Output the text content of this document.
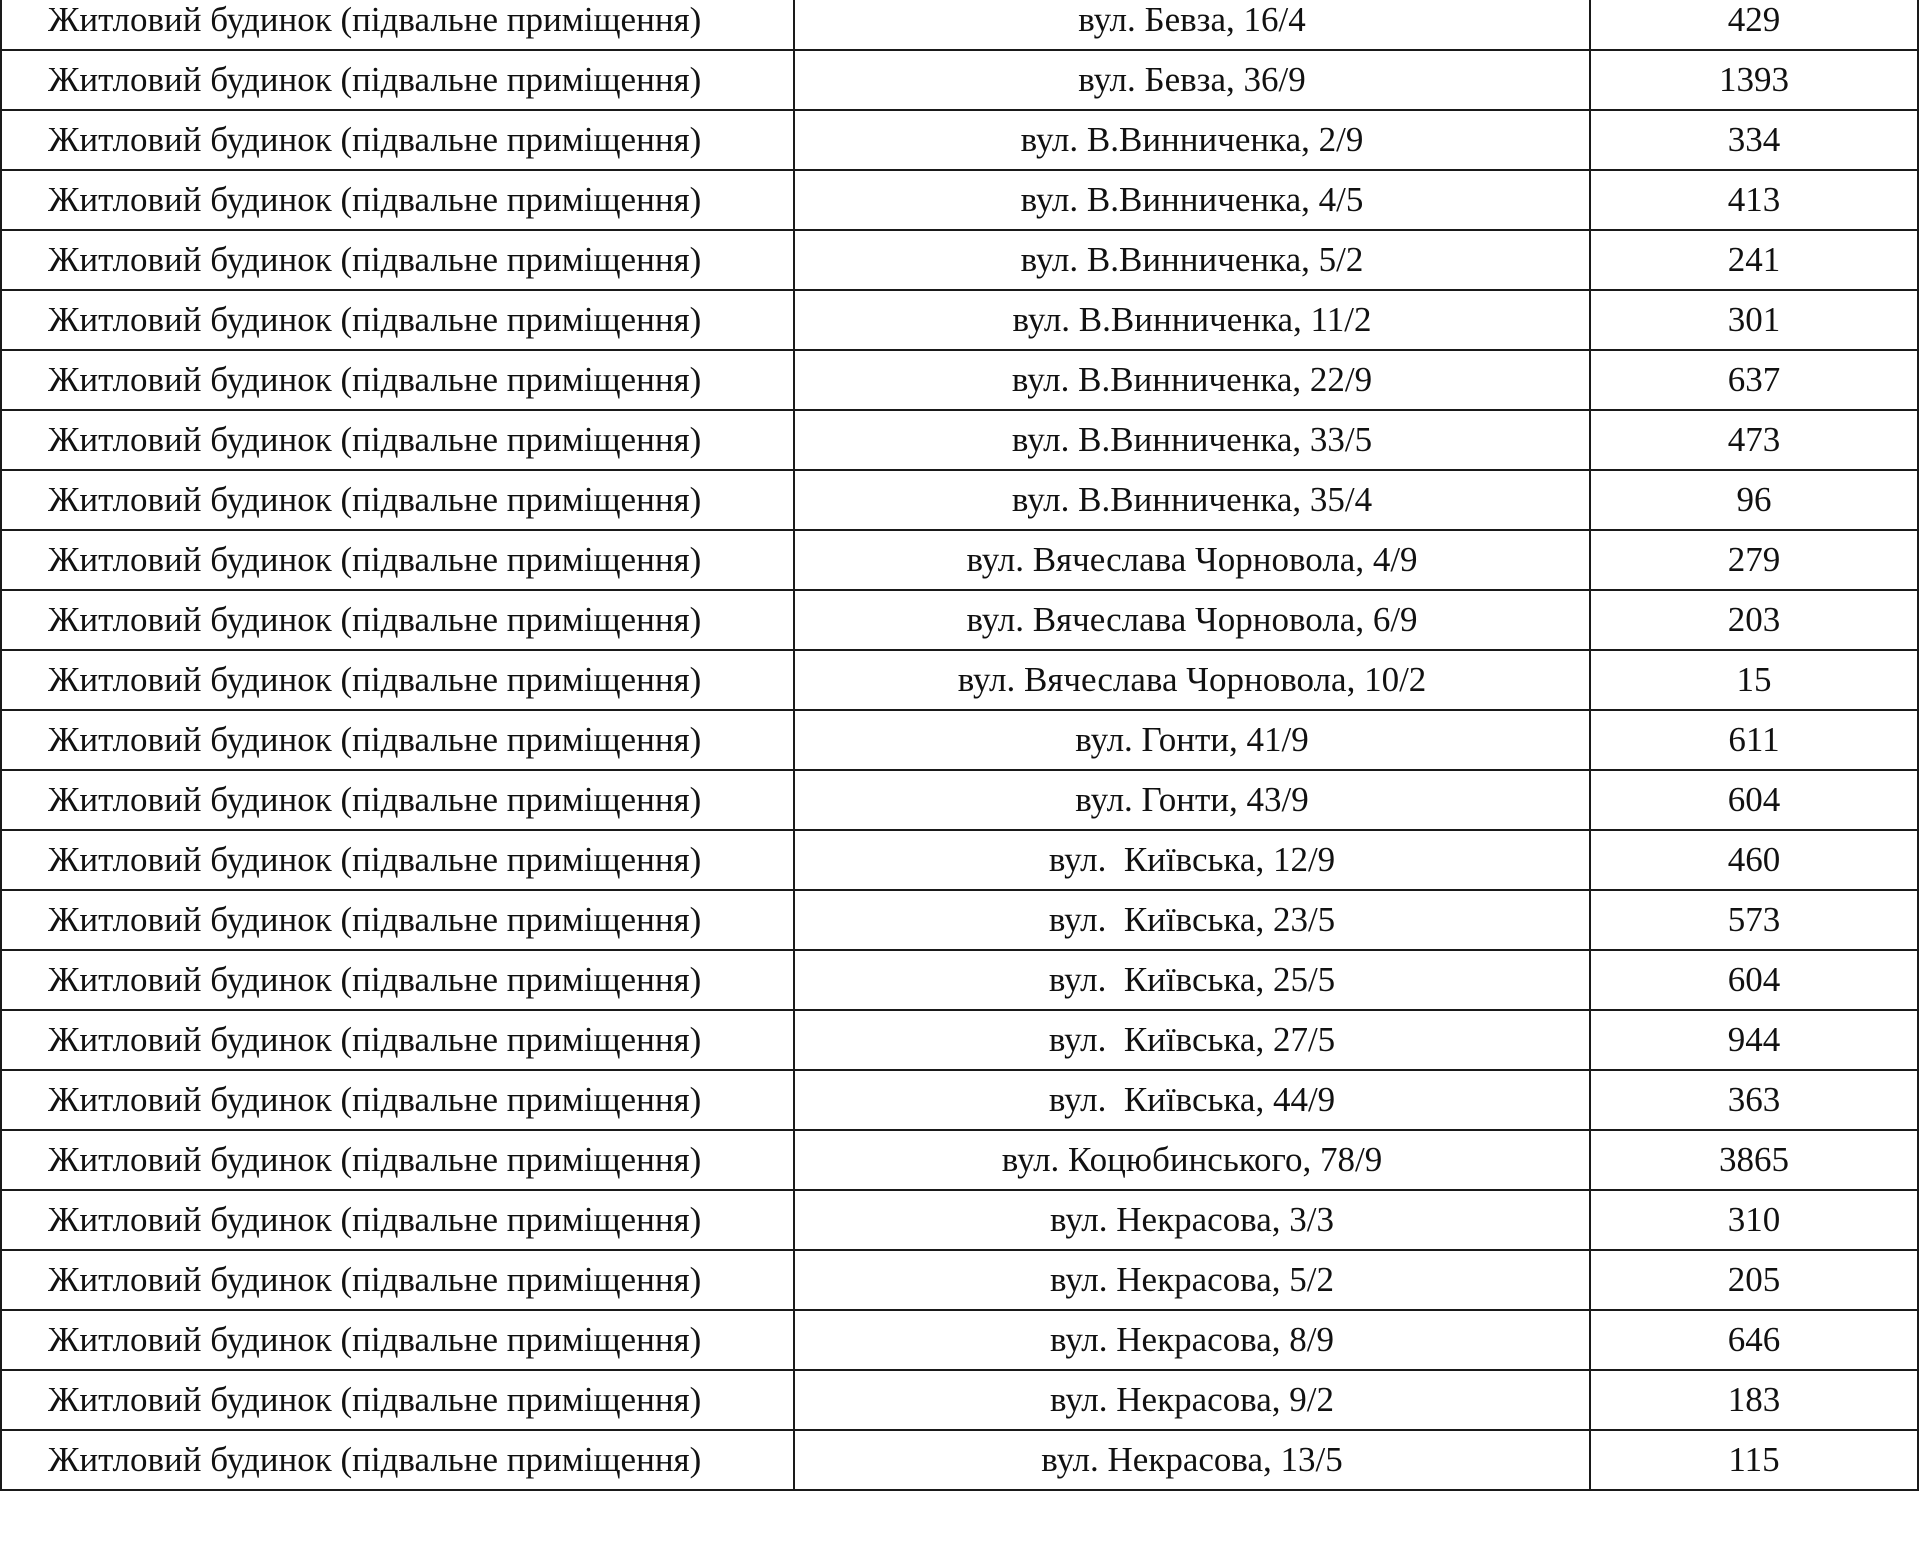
Житловий будинок (підвальне приміщення)	вул. Бевза, 16/4	429
Житловий будинок (підвальне приміщення)	вул. Бевза, 36/9	1393
Житловий будинок (підвальне приміщення)	вул. В.Винниченка, 2/9	334
Житловий будинок (підвальне приміщення)	вул. В.Винниченка, 4/5	413
Житловий будинок (підвальне приміщення)	вул. В.Винниченка, 5/2	241
Житловий будинок (підвальне приміщення)	вул. В.Винниченка, 11/2	301
Житловий будинок (підвальне приміщення)	вул. В.Винниченка, 22/9	637
Житловий будинок (підвальне приміщення)	вул. В.Винниченка, 33/5	473
Житловий будинок (підвальне приміщення)	вул. В.Винниченка, 35/4	96
Житловий будинок (підвальне приміщення)	вул. Вячеслава Чорновола, 4/9	279
Житловий будинок (підвальне приміщення)	вул. Вячеслава Чорновола, 6/9	203
Житловий будинок (підвальне приміщення)	вул. Вячеслава Чорновола, 10/2	15
Житловий будинок (підвальне приміщення)	вул. Гонти, 41/9	611
Житловий будинок (підвальне приміщення)	вул. Гонти, 43/9	604
Житловий будинок (підвальне приміщення)	вул.  Київська, 12/9	460
Житловий будинок (підвальне приміщення)	вул.  Київська, 23/5	573
Житловий будинок (підвальне приміщення)	вул.  Київська, 25/5	604
Житловий будинок (підвальне приміщення)	вул.  Київська, 27/5	944
Житловий будинок (підвальне приміщення)	вул.  Київська, 44/9	363
Житловий будинок (підвальне приміщення)	вул. Коцюбинського, 78/9	3865
Житловий будинок (підвальне приміщення)	вул. Некрасова, 3/3	310
Житловий будинок (підвальне приміщення)	вул. Некрасова, 5/2	205
Житловий будинок (підвальне приміщення)	вул. Некрасова, 8/9	646
Житловий будинок (підвальне приміщення)	вул. Некрасова, 9/2	183
Житловий будинок (підвальне приміщення)	вул. Некрасова, 13/5	115
